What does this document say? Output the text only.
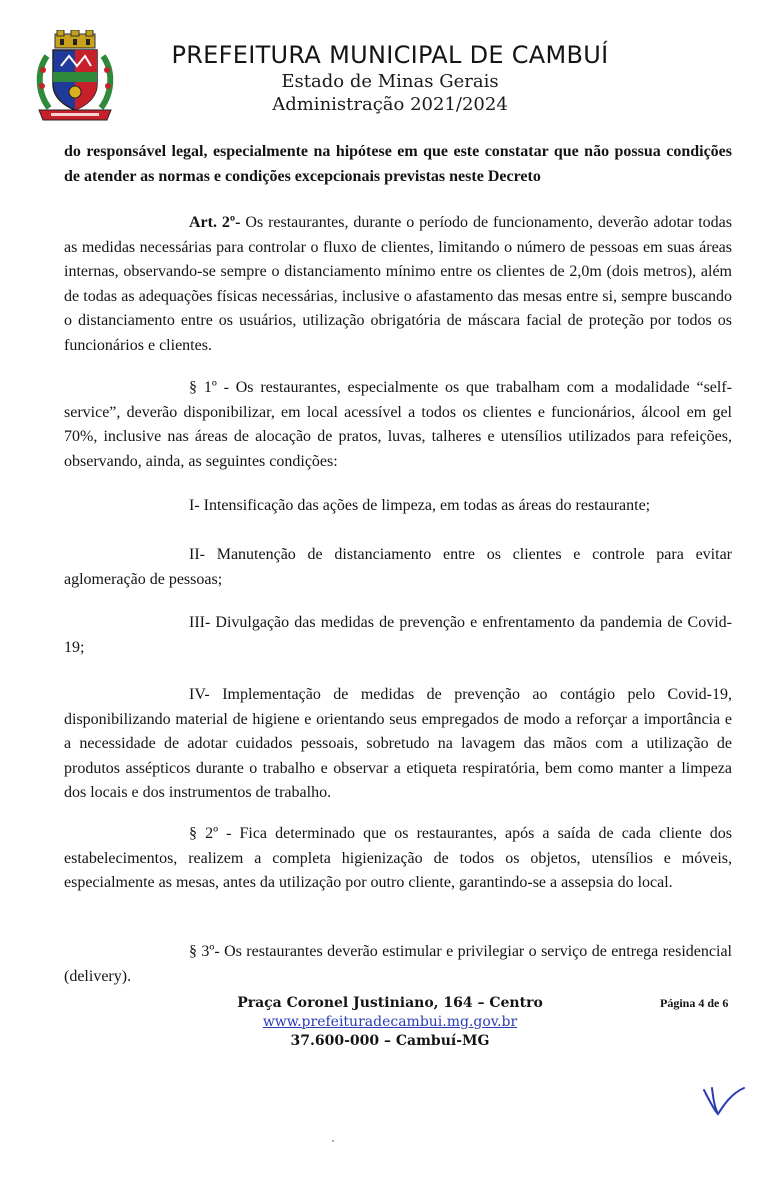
PREFEITURA MUNICIPAL DE CAMBUÍ
Estado de Minas Gerais
Administração 2021/2024

do responsável legal, especialmente na hipótese em que este constatar que não possua condições de atender as normas e condições excepcionais previstas neste Decreto

Art. 2º- Os restaurantes, durante o período de funcionamento, deverão adotar todas as medidas necessárias para controlar o fluxo de clientes, limitando o número de pessoas em suas áreas internas, observando-se sempre o distanciamento mínimo entre os clientes de 2,0m (dois metros), além de todas as adequações físicas necessárias, inclusive o afastamento das mesas entre si, sempre buscando o distanciamento entre os usuários, utilização obrigatória de máscara facial de proteção por todos os funcionários e clientes.

§ 1º - Os restaurantes, especialmente os que trabalham com a modalidade “self-service”, deverão disponibilizar, em local acessível a todos os clientes e funcionários, álcool em gel 70%, inclusive nas áreas de alocação de pratos, luvas, talheres e utensílios utilizados para refeições, observando, ainda, as seguintes condições:

I- Intensificação das ações de limpeza, em todas as áreas do restaurante;

II- Manutenção de distanciamento entre os clientes e controle para evitar aglomeração de pessoas;

III- Divulgação das medidas de prevenção e enfrentamento da pandemia de Covid-19;

IV- Implementação de medidas de prevenção ao contágio pelo Covid-19, disponibilizando material de higiene e orientando seus empregados de modo a reforçar a importância e a necessidade de adotar cuidados pessoais, sobretudo na lavagem das mãos com a utilização de produtos assépticos durante o trabalho e observar a etiqueta respiratória, bem como manter a limpeza dos locais e dos instrumentos de trabalho.

§ 2º - Fica determinado que os restaurantes, após a saída de cada cliente dos estabelecimentos, realizem a completa higienização de todos os objetos, utensílios e móveis, especialmente as mesas, antes da utilização por outro cliente, garantindo-se a assepsia do local.

§ 3º- Os restaurantes deverão estimular e privilegiar o serviço de entrega residencial (delivery).

Praça Coronel Justiniano, 164 – Centro
www.prefeituradecambui.mg.gov.br
37.600-000 – Cambuí-MG
Página 4 de 6
